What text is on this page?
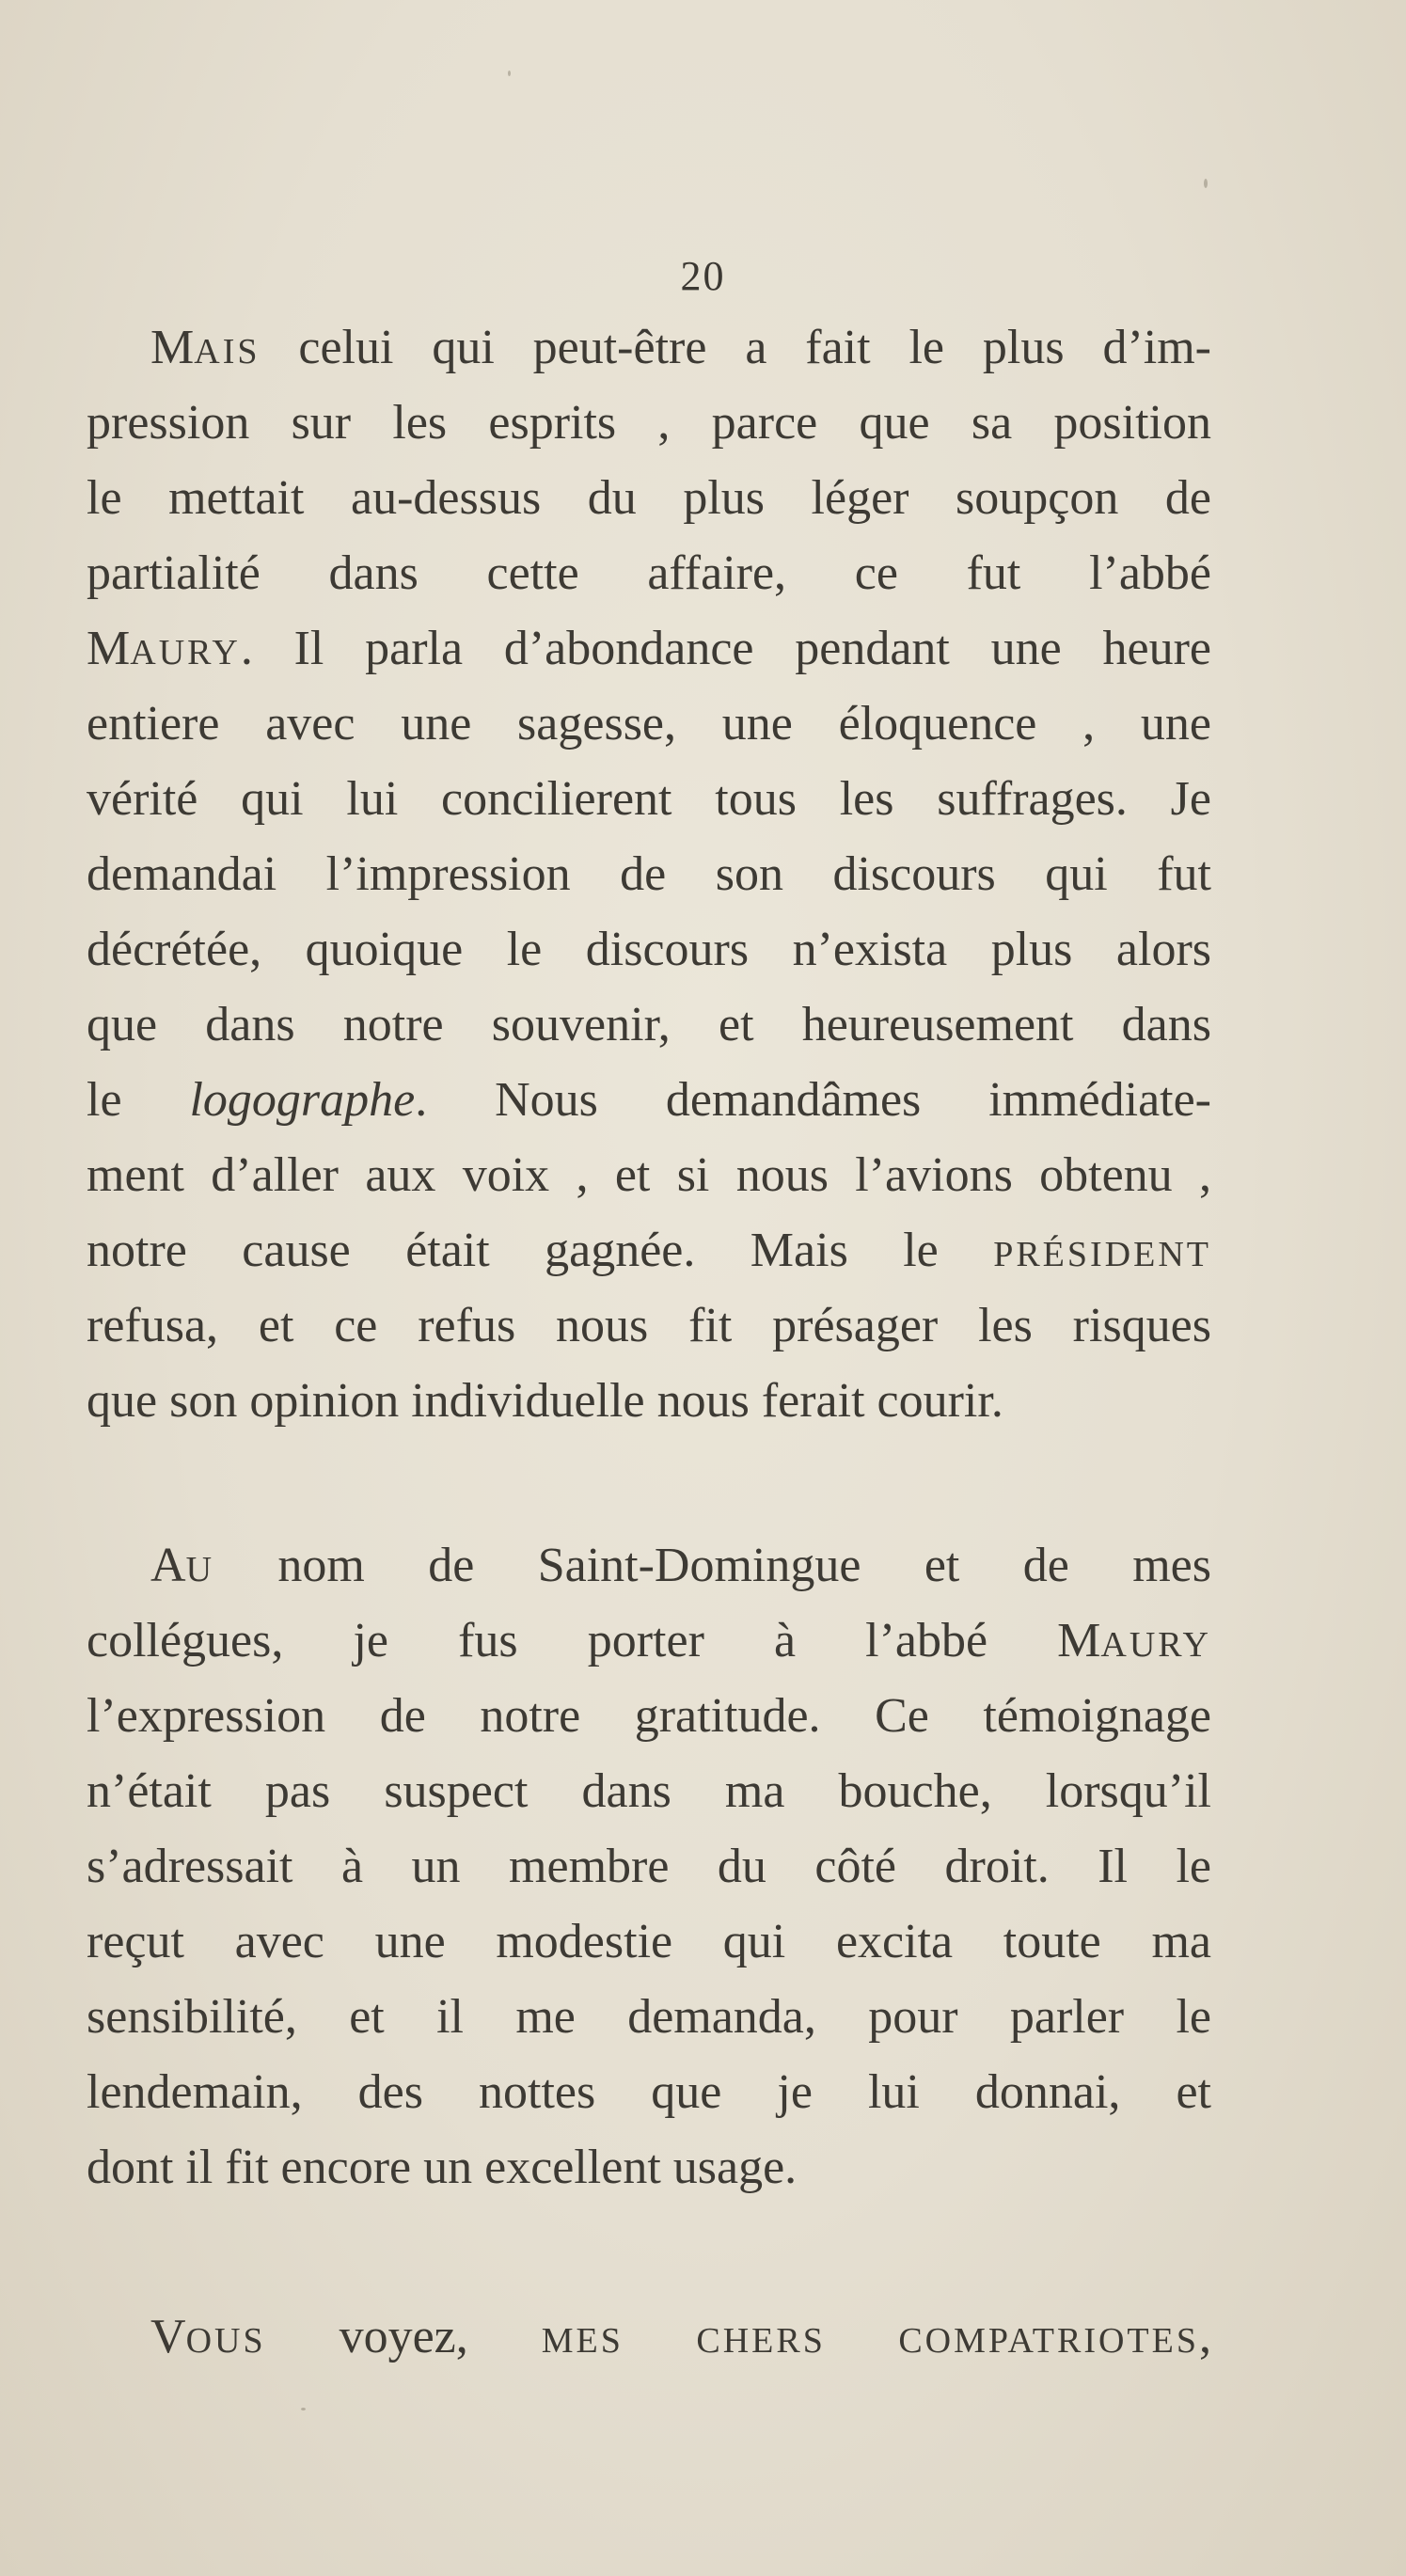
20
MAIS celui qui peut-être a fait le plus d’im-
pression sur les esprits , parce que sa position
le mettait au-dessus du plus léger soupçon de
partialité dans cette affaire, ce fut l’abbé
MAURY. Il parla d’abondance pendant une heure
entiere avec une sagesse, une éloquence , une
vérité qui lui concilierent tous les suffrages. Je
demandai l’impression de son discours qui fut
décrétée, quoique le discours n’exista plus alors
que dans notre souvenir, et heureusement dans
le logographe. Nous demandâmes immédiate-
ment d’aller aux voix , et si nous l’avions obtenu ,
notre cause était gagnée. Mais le PRÉSIDENT
refusa, et ce refus nous fit présager les risques
que son opinion individuelle nous ferait courir.
AU nom de Saint-Domingue et de mes
collégues, je fus porter à l’abbé MAURY
l’expression de notre gratitude. Ce témoignage
n’était pas suspect dans ma bouche, lorsqu’il
s’adressait à un membre du côté droit. Il le
reçut avec une modestie qui excita toute ma
sensibilité, et il me demanda, pour parler le
lendemain, des nottes que je lui donnai, et
dont il fit encore un excellent usage.
VOUS voyez, MES CHERS COMPATRIOTES,
